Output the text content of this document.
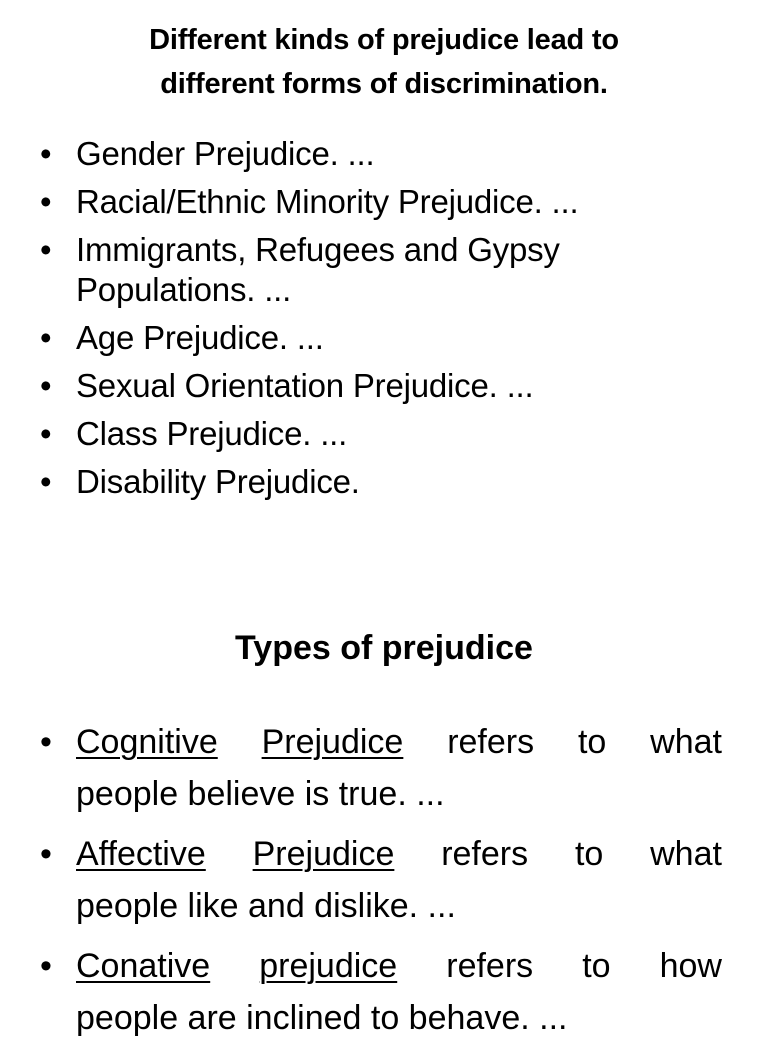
Different kinds of prejudice lead to
different forms of discrimination.
• Gender Prejudice. ...
• Racial/Ethnic Minority Prejudice. ...
• Immigrants, Refugees and Gypsy Populations. ...
• Age Prejudice. ...
• Sexual Orientation Prejudice. ...
• Class Prejudice. ...
• Disability Prejudice.
Types of prejudice
• Cognitive Prejudice refers to what
people believe is true. ...
• Affective Prejudice refers to what
people like and dislike. ...
• Conative prejudice refers to how
people are inclined to behave. ...
